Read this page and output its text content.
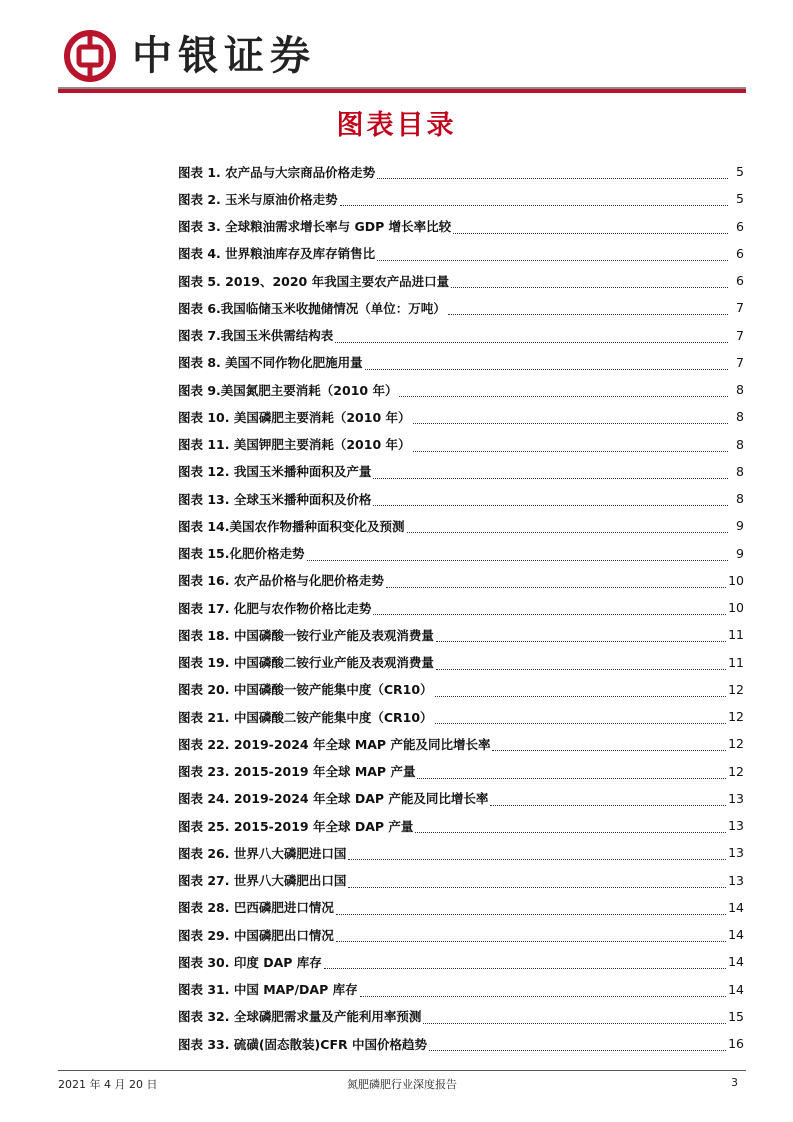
中银证券
图表目录
图表 1. 农产品与大宗商品价格走势	5
图表 2. 玉米与原油价格走势	5
图表 3. 全球粮油需求增长率与 GDP 增长率比较	6
图表 4. 世界粮油库存及库存销售比	6
图表 5. 2019、2020 年我国主要农产品进口量	6
图表 6.我国临储玉米收抛储情况（单位：万吨）	7
图表 7.我国玉米供需结构表	7
图表 8. 美国不同作物化肥施用量	7
图表 9.美国氮肥主要消耗（2010 年）	8
图表 10. 美国磷肥主要消耗（2010 年）	8
图表 11. 美国钾肥主要消耗（2010 年）	8
图表 12. 我国玉米播种面积及产量	8
图表 13. 全球玉米播种面积及价格	8
图表 14.美国农作物播种面积变化及预测	9
图表 15.化肥价格走势	9
图表 16. 农产品价格与化肥价格走势	10
图表 17. 化肥与农作物价格比走势	10
图表 18. 中国磷酸一铵行业产能及表观消费量	11
图表 19. 中国磷酸二铵行业产能及表观消费量	11
图表 20. 中国磷酸一铵产能集中度（CR10）	12
图表 21. 中国磷酸二铵产能集中度（CR10）	12
图表 22. 2019-2024 年全球 MAP 产能及同比增长率	12
图表 23. 2015-2019 年全球 MAP 产量	12
图表 24. 2019-2024 年全球 DAP 产能及同比增长率	13
图表 25. 2015-2019 年全球 DAP 产量	13
图表 26. 世界八大磷肥进口国	13
图表 27. 世界八大磷肥出口国	13
图表 28. 巴西磷肥进口情况	14
图表 29. 中国磷肥出口情况	14
图表 30. 印度 DAP 库存	14
图表 31. 中国 MAP/DAP 库存	14
图表 32. 全球磷肥需求量及产能利用率预测	15
图表 33. 硫磺(固态散装)CFR 中国价格趋势	16
2021 年 4 月 20 日	氮肥磷肥行业深度报告	3
